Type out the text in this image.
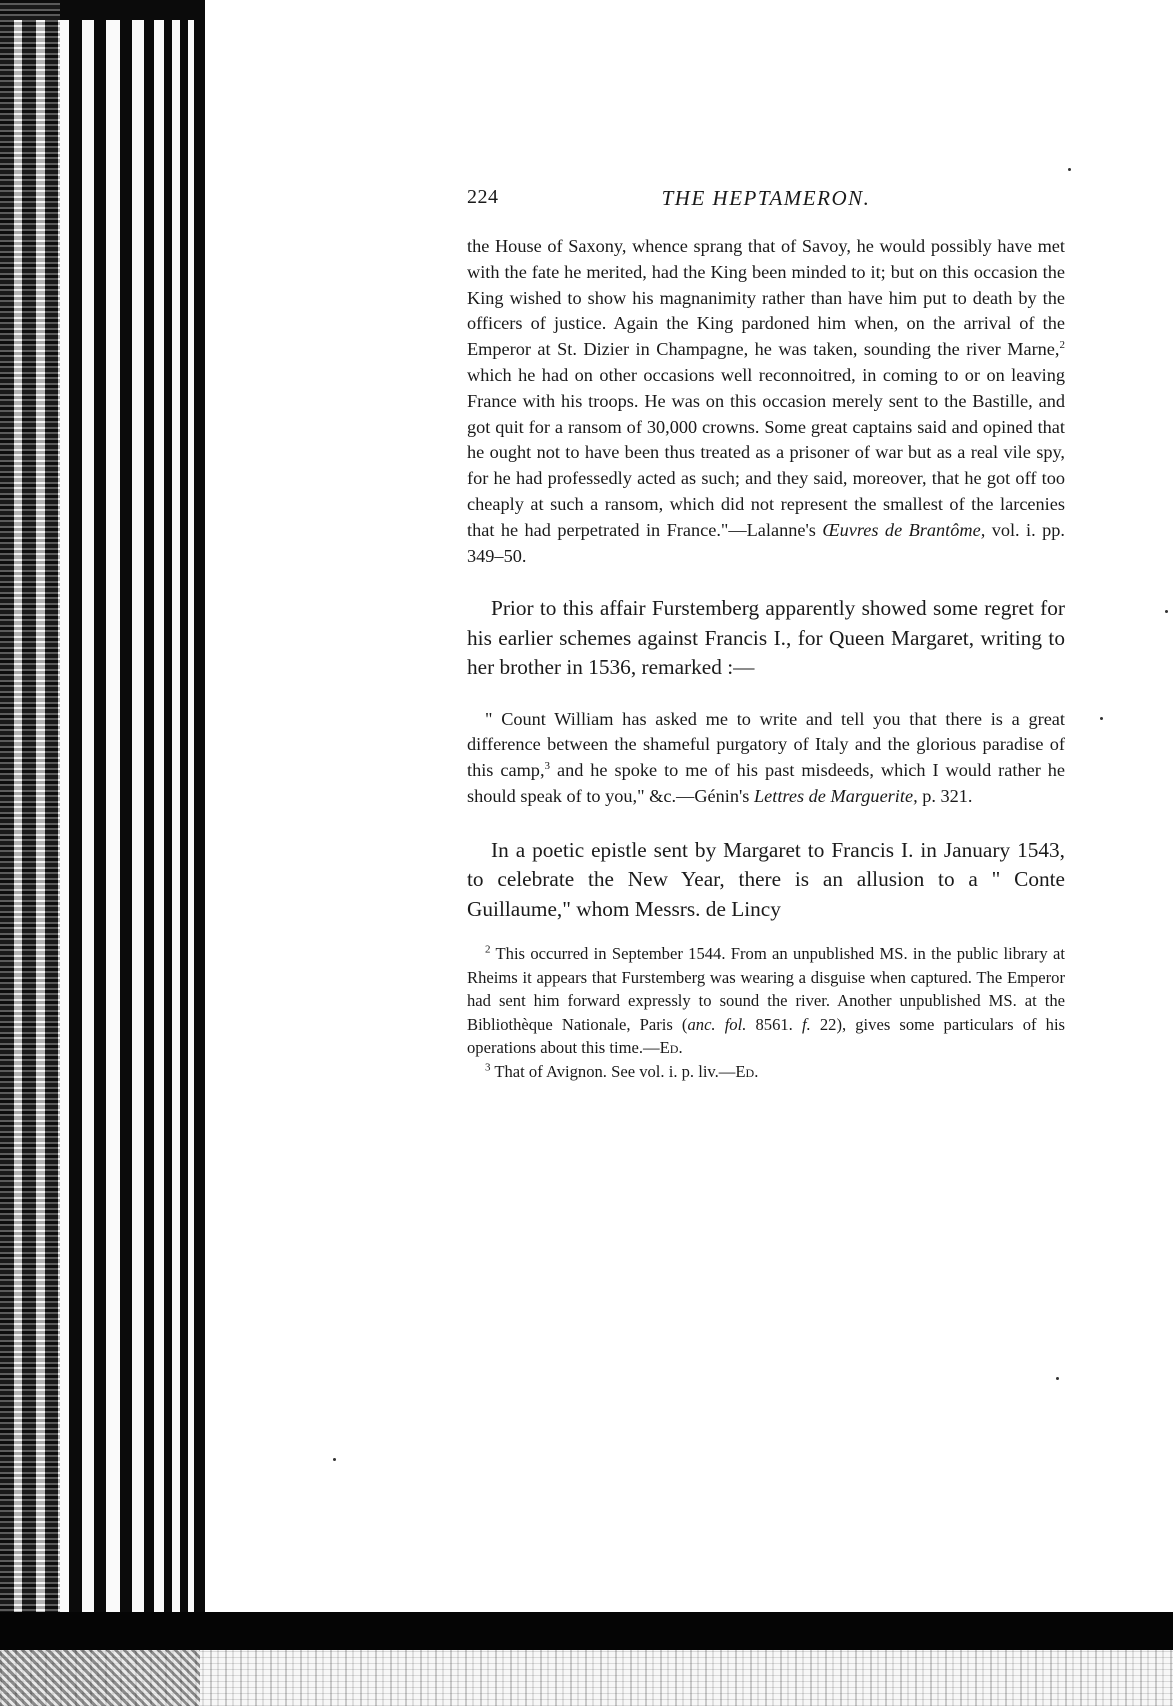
224	THE HEPTAMERON.

the House of Saxony, whence sprang that of Savoy, he would possibly have met with the fate he merited, had the King been minded to it; but on this occasion the King wished to show his magnanimity rather than have him put to death by the officers of justice. Again the King pardoned him when, on the arrival of the Emperor at St. Dizier in Champagne, he was taken, sounding the river Marne,$^2$ which he had on other occasions well reconnoitred, in coming to or on leaving France with his troops. He was on this occasion merely sent to the Bastille, and got quit for a ransom of 30,000 crowns. Some great captains said and opined that he ought not to have been thus treated as a prisoner of war but as a real vile spy, for he had professedly acted as such; and they said, moreover, that he got off too cheaply at such a ransom, which did not represent the smallest of the larcenies that he had perpetrated in France."—Lalanne's Œuvres de Brantôme, vol. i. pp. 349–50.

Prior to this affair Furstemberg apparently showed some regret for his earlier schemes against Francis I., for Queen Margaret, writing to her brother in 1536, remarked :—

" Count William has asked me to write and tell you that there is a great difference between the shameful purgatory of Italy and the glorious paradise of this camp,$^3$ and he spoke to me of his past misdeeds, which I would rather he should speak of to you," &c.—Génin's Lettres de Marguerite, p. 321.

In a poetic epistle sent by Margaret to Francis I. in January 1543, to celebrate the New Year, there is an allusion to a " Conte Guillaume," whom Messrs. de Lincy

$^2$ This occurred in September 1544. From an unpublished MS. in the public library at Rheims it appears that Furstemberg was wearing a disguise when captured. The Emperor had sent him forward expressly to sound the river. Another unpublished MS. at the Bibliothèque Nationale, Paris (anc. fol. 8561. f. 22), gives some particulars of his operations about this time.—Ed.

$^3$ That of Avignon. See vol. i. p. liv.—Ed.
